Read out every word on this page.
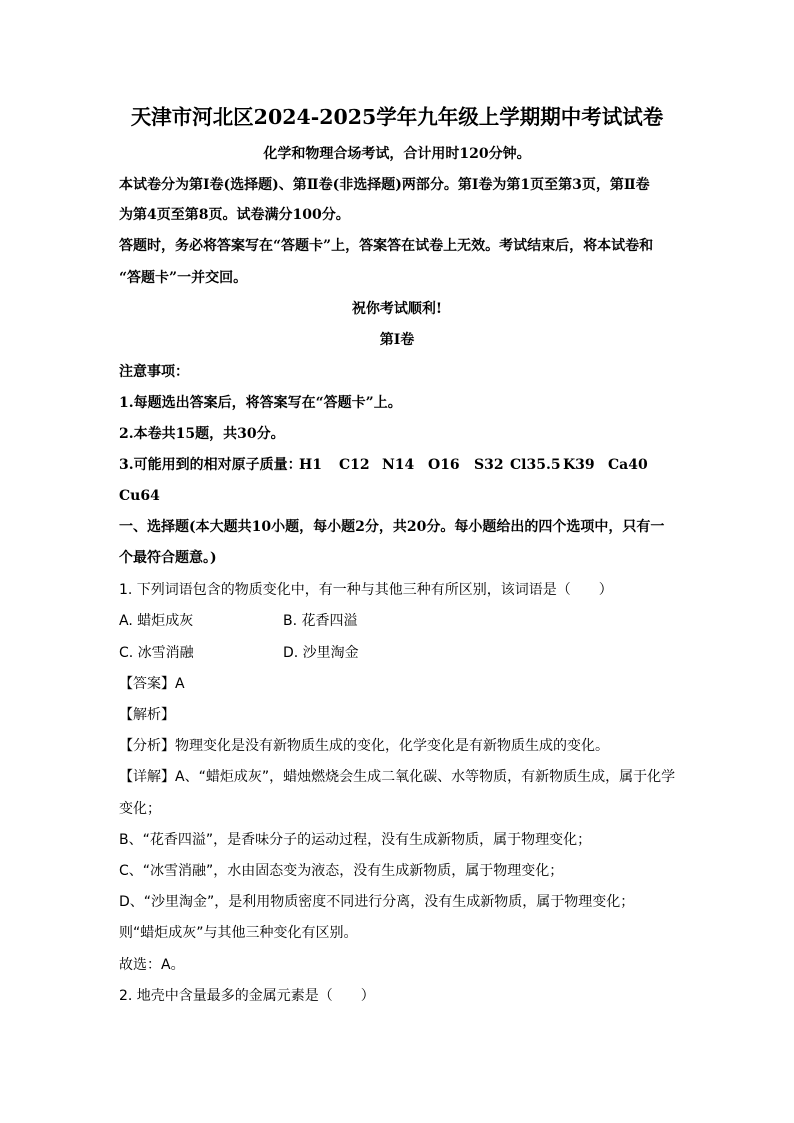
天津市河北区2024-2025学年九年级上学期期中考试试卷
化学和物理合场考试，合计用时120分钟。
本试卷分为第Ⅰ卷(选择题)、第Ⅱ卷(非选择题)两部分。第Ⅰ卷为第1页至第3页，第Ⅱ卷
为第4页至第8页。试卷满分100分。
答题时，务必将答案写在“答题卡”上，答案答在试卷上无效。考试结束后，将本试卷和
“答题卡”一并交回。
祝你考试顺利!
第Ⅰ卷
注意事项：
1.每题选出答案后，将答案写在“答题卡”上。
2.本卷共15题，共30分。
3.可能用到的相对原子质量：
H1 C12 N14 O16 S32 Cl35.5 K39 Ca40
Cu64
一、选择题(本大题共10小题，每小题2分，共20分。每小题给出的四个选项中，只有一
个最符合题意。)
1. 下列词语包含的物质变化中，有一种与其他三种有所区别，该词语是（　　）
A. 蜡炬成灰	B. 花香四溢
C. 冰雪消融	D. 沙里淘金
【答案】A
【解析】
【分析】物理变化是没有新物质生成的变化，化学变化是有新物质生成的变化。
【详解】A、“蜡炬成灰”，蜡烛燃烧会生成二氧化碳、水等物质，有新物质生成，属于化学
变化；
B、“花香四溢”，是香味分子的运动过程，没有生成新物质，属于物理变化；
C、“冰雪消融”，水由固态变为液态，没有生成新物质，属于物理变化；
D、“沙里淘金”，是利用物质密度不同进行分离，没有生成新物质，属于物理变化；
则“蜡炬成灰”与其他三种变化有区别。
故选：A。
2. 地壳中含量最多的金属元素是（　　）
